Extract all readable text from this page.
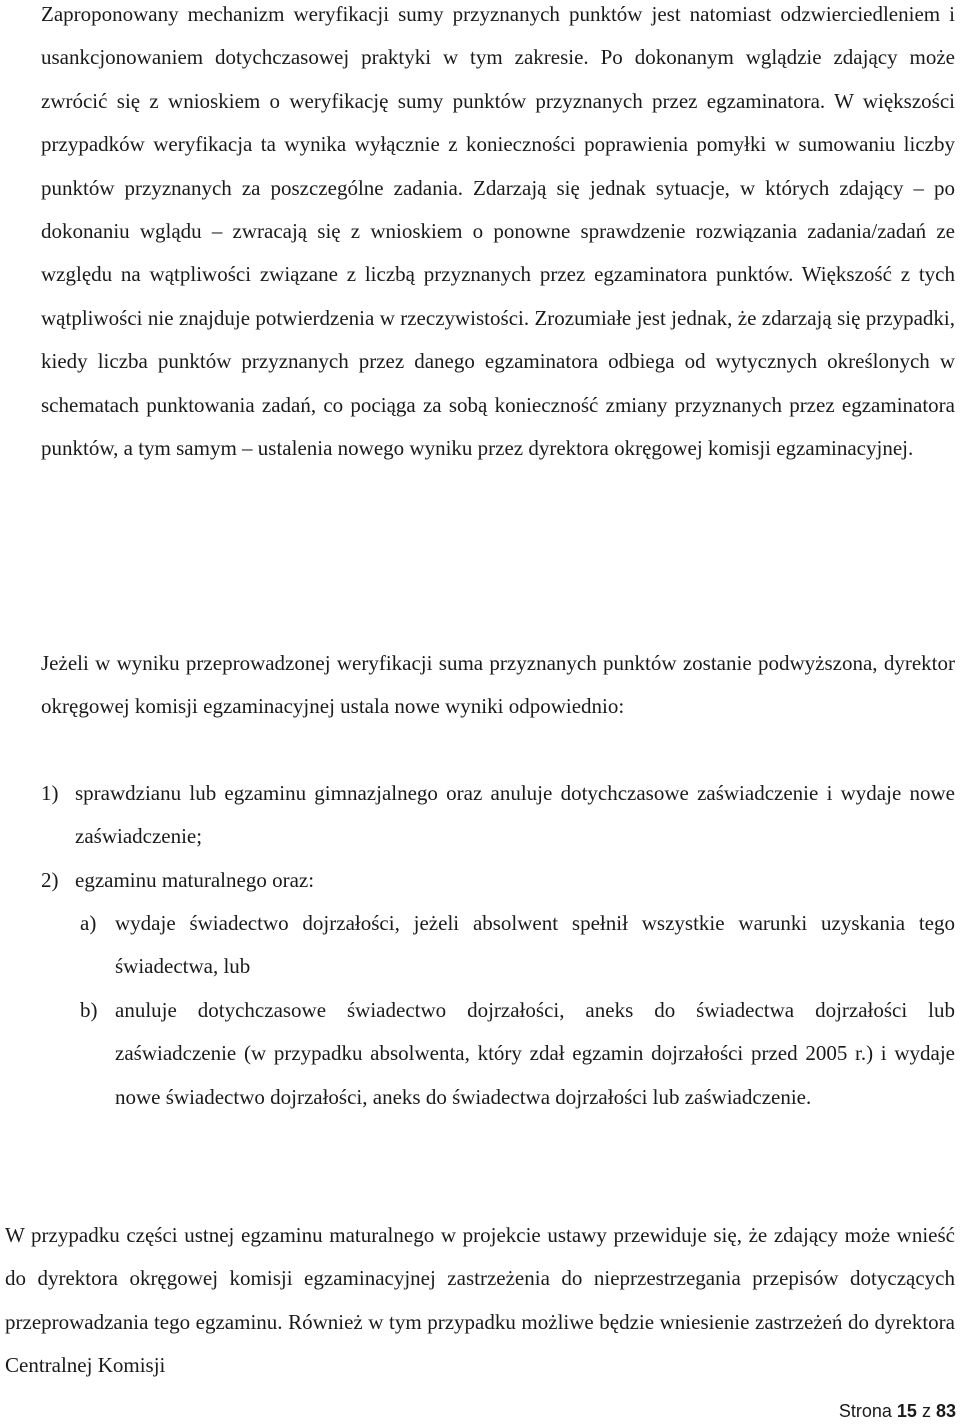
Zaproponowany mechanizm weryfikacji sumy przyznanych punktów jest natomiast odzwierciedleniem i usankcjonowaniem dotychczasowej praktyki w tym zakresie. Po dokonanym wglądzie zdający może zwrócić się z wnioskiem o weryfikację sumy punktów przyznanych przez egzaminatora. W większości przypadków weryfikacja ta wynika wyłącznie z konieczności poprawienia pomyłki w sumowaniu liczby punktów przyznanych za poszczególne zadania. Zdarzają się jednak sytuacje, w których zdający – po dokonaniu wglądu – zwracają się z wnioskiem o ponowne sprawdzenie rozwiązania zadania/zadań ze względu na wątpliwości związane z liczbą przyznanych przez egzaminatora punktów. Większość z tych wątpliwości nie znajduje potwierdzenia w rzeczywistości. Zrozumiałe jest jednak, że zdarzają się przypadki, kiedy liczba punktów przyznanych przez danego egzaminatora odbiega od wytycznych określonych w schematach punktowania zadań, co pociąga za sobą konieczność zmiany przyznanych przez egzaminatora punktów, a tym samym – ustalenia nowego wyniku przez dyrektora okręgowej komisji egzaminacyjnej.

Jeżeli w wyniku przeprowadzonej weryfikacji suma przyznanych punktów zostanie podwyższona, dyrektor okręgowej komisji egzaminacyjnej ustala nowe wyniki odpowiednio:

1) sprawdzianu lub egzaminu gimnazjalnego oraz anuluje dotychczasowe zaświadczenie i wydaje nowe zaświadczenie;
2) egzaminu maturalnego oraz:
a) wydaje świadectwo dojrzałości, jeżeli absolwent spełnił wszystkie warunki uzyskania tego świadectwa, lub
b) anuluje dotychczasowe świadectwo dojrzałości, aneks do świadectwa dojrzałości lub zaświadczenie (w przypadku absolwenta, który zdał egzamin dojrzałości przed 2005 r.) i wydaje nowe świadectwo dojrzałości, aneks do świadectwa dojrzałości lub zaświadczenie.

W przypadku części ustnej egzaminu maturalnego w projekcie ustawy przewiduje się, że zdający może wnieść do dyrektora okręgowej komisji egzaminacyjnej zastrzeżenia do nieprzestrzegania przepisów dotyczących przeprowadzania tego egzaminu. Również w tym przypadku możliwe będzie wniesienie zastrzeżeń do dyrektora Centralnej Komisji

Strona 15 z 83
